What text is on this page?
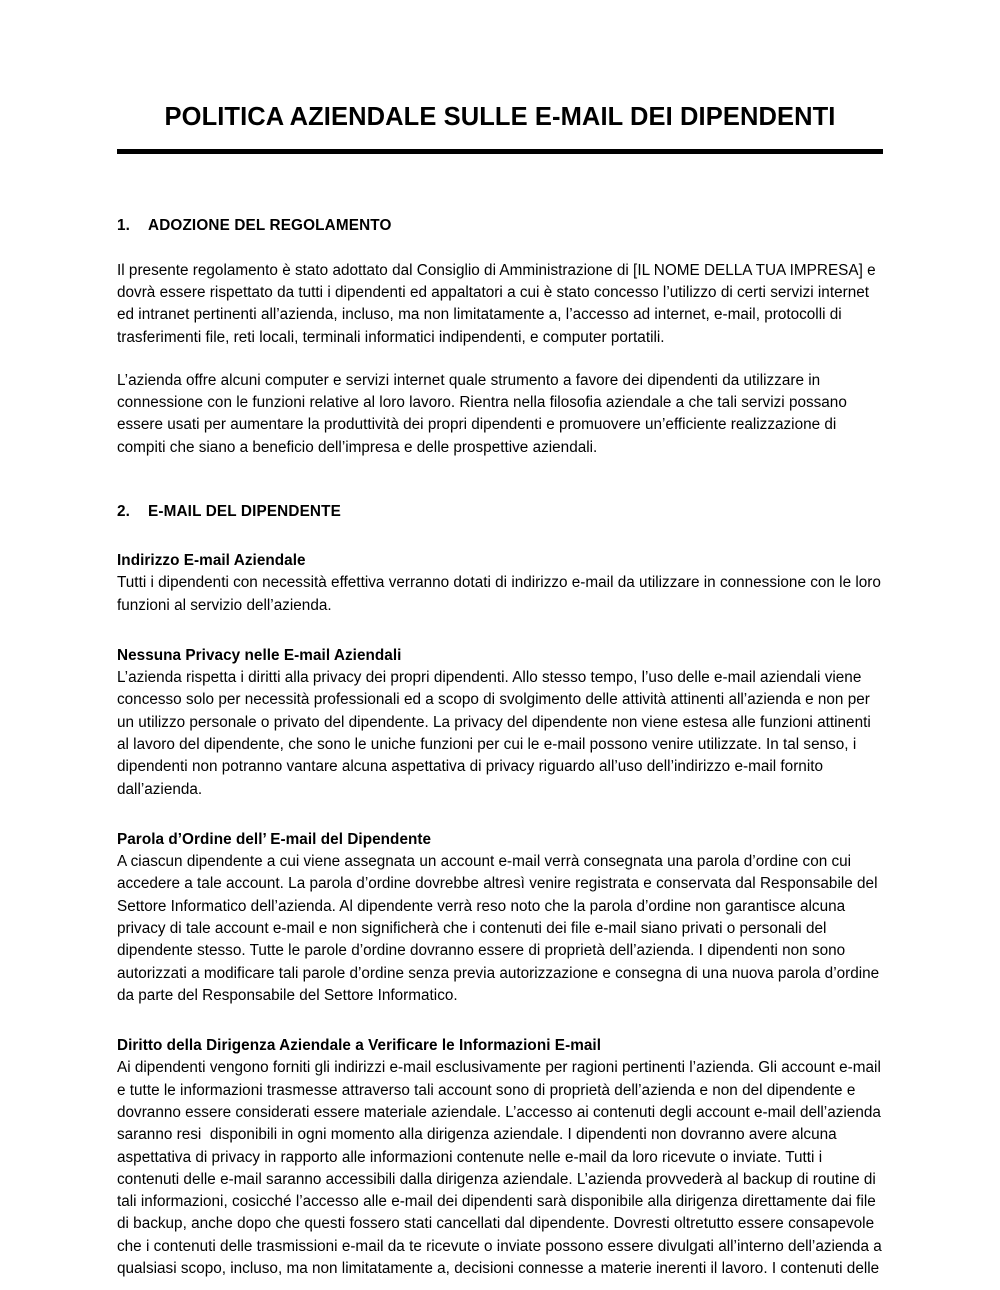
POLITICA AZIENDALE SULLE E-MAIL DEI DIPENDENTI
1.	ADOZIONE DEL REGOLAMENTO

Il presente regolamento è stato adottato dal Consiglio di Amministrazione di [IL NOME DELLA TUA IMPRESA] e dovrà essere rispettato da tutti i dipendenti ed appaltatori a cui è stato concesso l’utilizzo di certi servizi internet ed intranet pertinenti all’azienda, incluso, ma non limitatamente a, l’accesso ad internet, e-mail, protocolli di trasferimenti file, reti locali, terminali informatici indipendenti, e computer portatili.

L’azienda offre alcuni computer e servizi internet quale strumento a favore dei dipendenti da utilizzare in connessione con le funzioni relative al loro lavoro. Rientra nella filosofia aziendale a che tali servizi possano essere usati per aumentare la produttività dei propri dipendenti e promuovere un’efficiente realizzazione di compiti che siano a beneficio dell’impresa e delle prospettive aziendali.

2.	E-MAIL DEL DIPENDENTE

Indirizzo E-mail Aziendale

Tutti i dipendenti con necessità effettiva verranno dotati di indirizzo e-mail da utilizzare in connessione con le loro funzioni al servizio dell’azienda.

Nessuna Privacy nelle E-mail Aziendali

L’azienda rispetta i diritti alla privacy dei propri dipendenti. Allo stesso tempo, l’uso delle e-mail aziendali viene concesso solo per necessità professionali ed a scopo di svolgimento delle attività attinenti all’azienda e non per un utilizzo personale o privato del dipendente. La privacy del dipendente non viene estesa alle funzioni attinenti al lavoro del dipendente, che sono le uniche funzioni per cui le e-mail possono venire utilizzate. In tal senso, i dipendenti non potranno vantare alcuna aspettativa di privacy riguardo all’uso dell’indirizzo e-mail fornito dall’azienda.

Parola d’Ordine dell’ E-mail del Dipendente

A ciascun dipendente a cui viene assegnata un account e-mail verrà consegnata una parola d’ordine con cui accedere a tale account. La parola d’ordine dovrebbe altresì venire registrata e conservata dal Responsabile del Settore Informatico dell’azienda. Al dipendente verrà reso noto che la parola d’ordine non garantisce alcuna privacy di tale account e-mail e non significherà che i contenuti dei file e-mail siano privati o personali del dipendente stesso. Tutte le parole d’ordine dovranno essere di proprietà dell’azienda. I dipendenti non sono autorizzati a modificare tali parole d’ordine senza previa autorizzazione e consegna di una nuova parola d’ordine da parte del Responsabile del Settore Informatico.

Diritto della Dirigenza Aziendale a Verificare le Informazioni E-mail

Ai dipendenti vengono forniti gli indirizzi e-mail esclusivamente per ragioni pertinenti l’azienda. Gli account e-mail e tutte le informazioni trasmesse attraverso tali account sono di proprietà dell’azienda e non del dipendente e dovranno essere considerati essere materiale aziendale. L’accesso ai contenuti degli account e-mail dell’azienda saranno resi  disponibili in ogni momento alla dirigenza aziendale. I dipendenti non dovranno avere alcuna aspettativa di privacy in rapporto alle informazioni contenute nelle e-mail da loro ricevute o inviate. Tutti i contenuti delle e-mail saranno accessibili dalla dirigenza aziendale. L’azienda provvederà al backup di routine di tali informazioni, cosicché l’accesso alle e-mail dei dipendenti sarà disponibile alla dirigenza direttamente dai file di backup, anche dopo che questi fossero stati cancellati dal dipendente. Dovresti oltretutto essere consapevole che i contenuti delle trasmissioni e-mail da te ricevute o inviate possono essere divulgati all’interno dell’azienda a qualsiasi scopo, incluso, ma non limitatamente a, decisioni connesse a materie inerenti il lavoro. I contenuti delle
